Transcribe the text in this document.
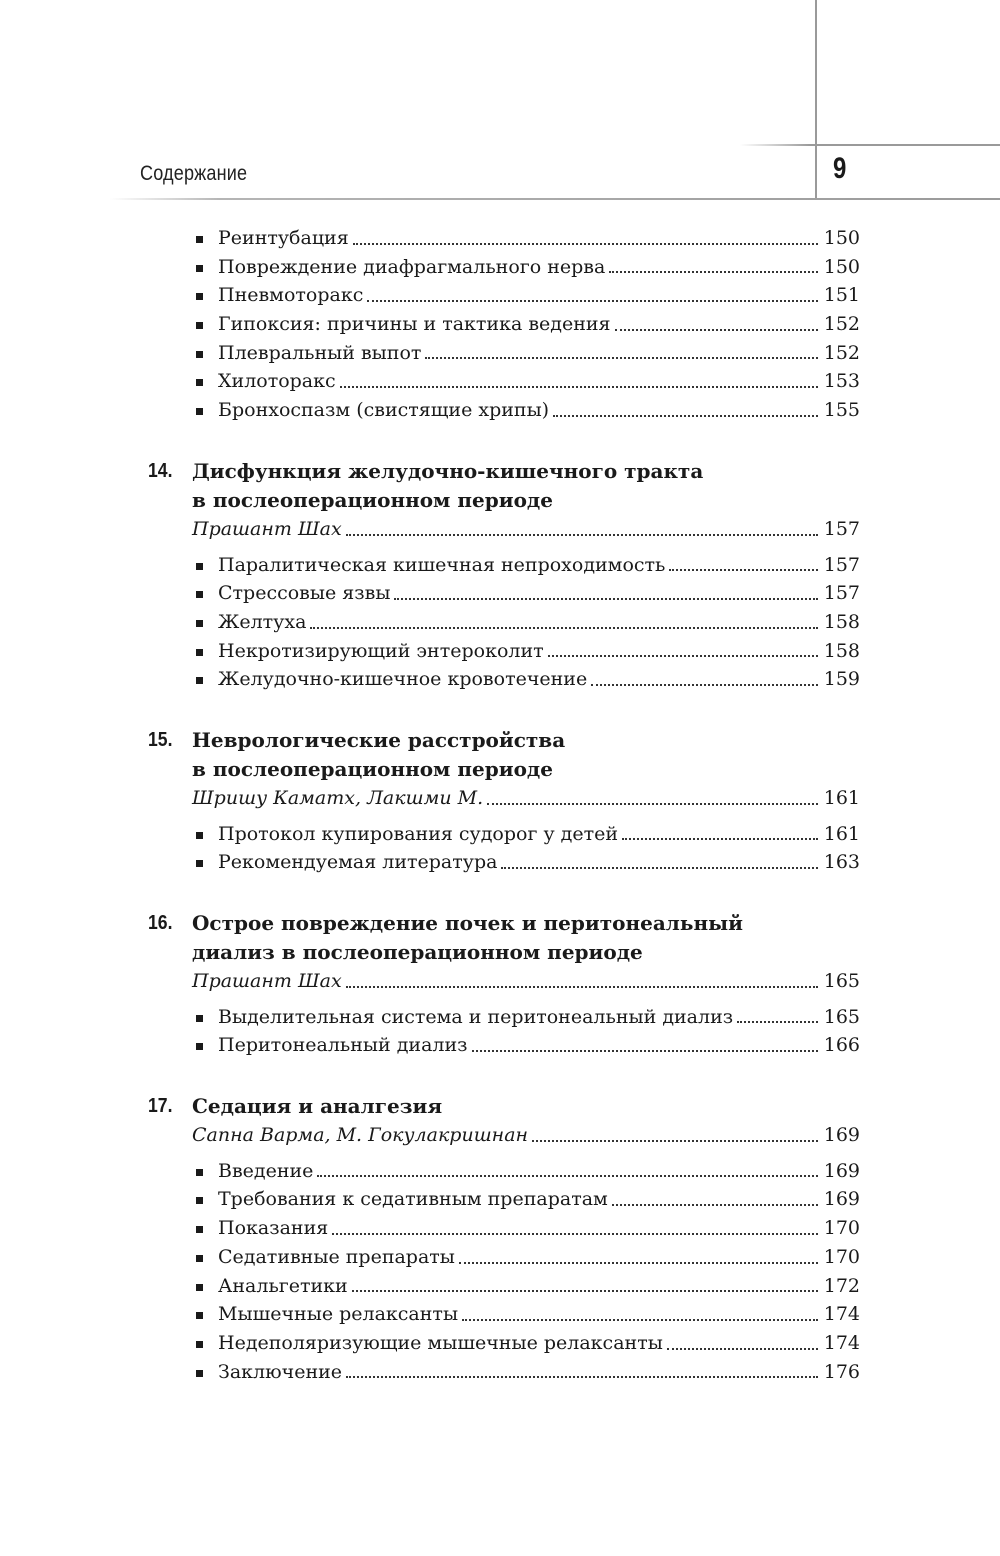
Содержание	9
Реинтубация	150
Повреждение диафрагмального нерва	150
Пневмоторакс	151
Гипоксия: причины и тактика ведения	152
Плевральный выпот	152
Хилоторакс	153
Бронхоспазм (свистящие хрипы)	155
14. Дисфункция желудочно-кишечного тракта
в послеоперационном периоде
Прашант Шах	157
Паралитическая кишечная непроходимость	157
Стрессовые язвы	157
Желтуха	158
Некротизирующий энтероколит	158
Желудочно-кишечное кровотечение	159
15. Неврологические расстройства
в послеоперационном периоде
Шришу Каматх, Лакшми М.	161
Протокол купирования судорог у детей	161
Рекомендуемая литература	163
16. Острое повреждение почек и перитонеальный
диализ в послеоперационном периоде
Прашант Шах	165
Выделительная система и перитонеальный диализ	165
Перитонеальный диализ	166
17. Седация и аналгезия
Сапна Варма, М. Гокулакришнан	169
Введение	169
Требования к седативным препаратам	169
Показания	170
Седативные препараты	170
Анальгетики	172
Мышечные релаксанты	174
Недеполяризующие мышечные релаксанты	174
Заключение	176
